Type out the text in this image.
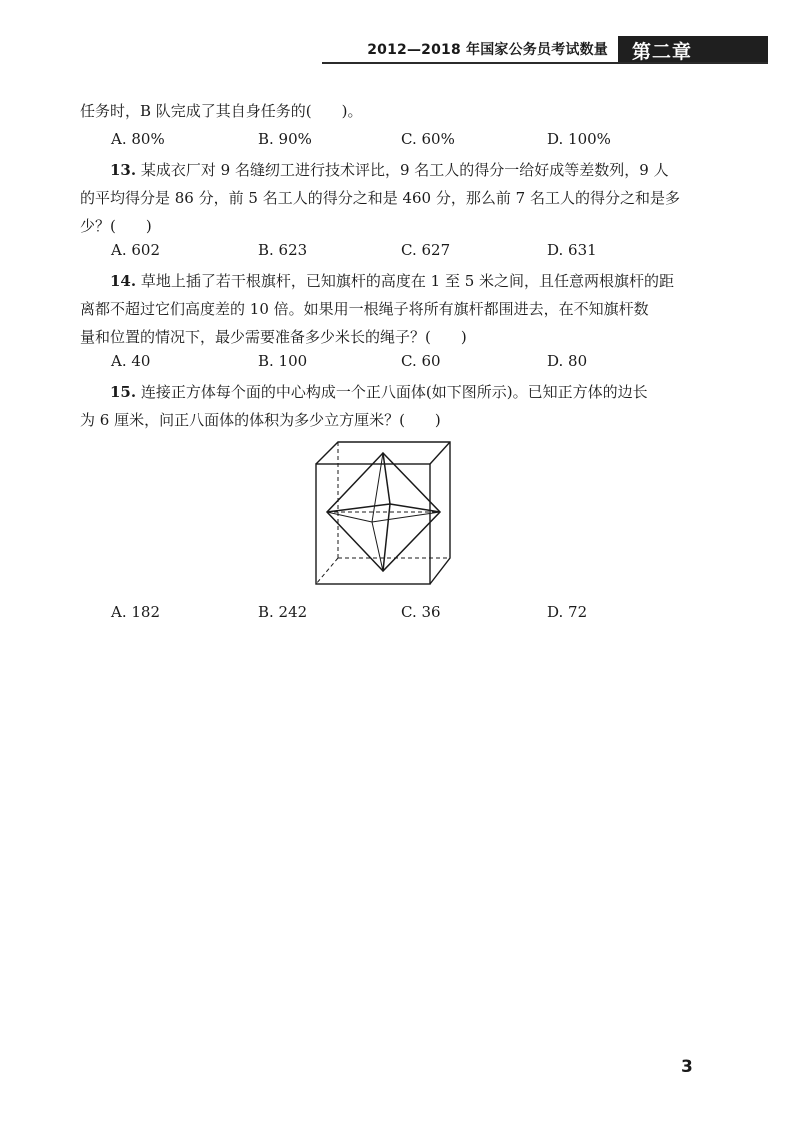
2012—2018 年国家公务员考试数量	第二章
任务时，B 队完成了其自身任务的(　　)。
A. 80%	B. 90%	C. 60%	D. 100%
13. 某成衣厂对 9 名缝纫工进行技术评比，9 名工人的得分一给好成等差数列，9 人
的平均得分是 86 分，前 5 名工人的得分之和是 460 分，那么前 7 名工人的得分之和是多
少？(　　)
A. 602	B. 623	C. 627	D. 631
14. 草地上插了若干根旗杆，已知旗杆的高度在 1 至 5 米之间，且任意两根旗杆的距
离都不超过它们高度差的 10 倍。如果用一根绳子将所有旗杆都围进去，在不知旗杆数
量和位置的情况下，最少需要准备多少米长的绳子？(　　)
A. 40	B. 100	C. 60	D. 80
15. 连接正方体每个面的中心构成一个正八面体(如下图所示)。已知正方体的边长
为 6 厘米，问正八面体的体积为多少立方厘米？(　　)
A. 182	B. 242	C. 36	D. 72
3
